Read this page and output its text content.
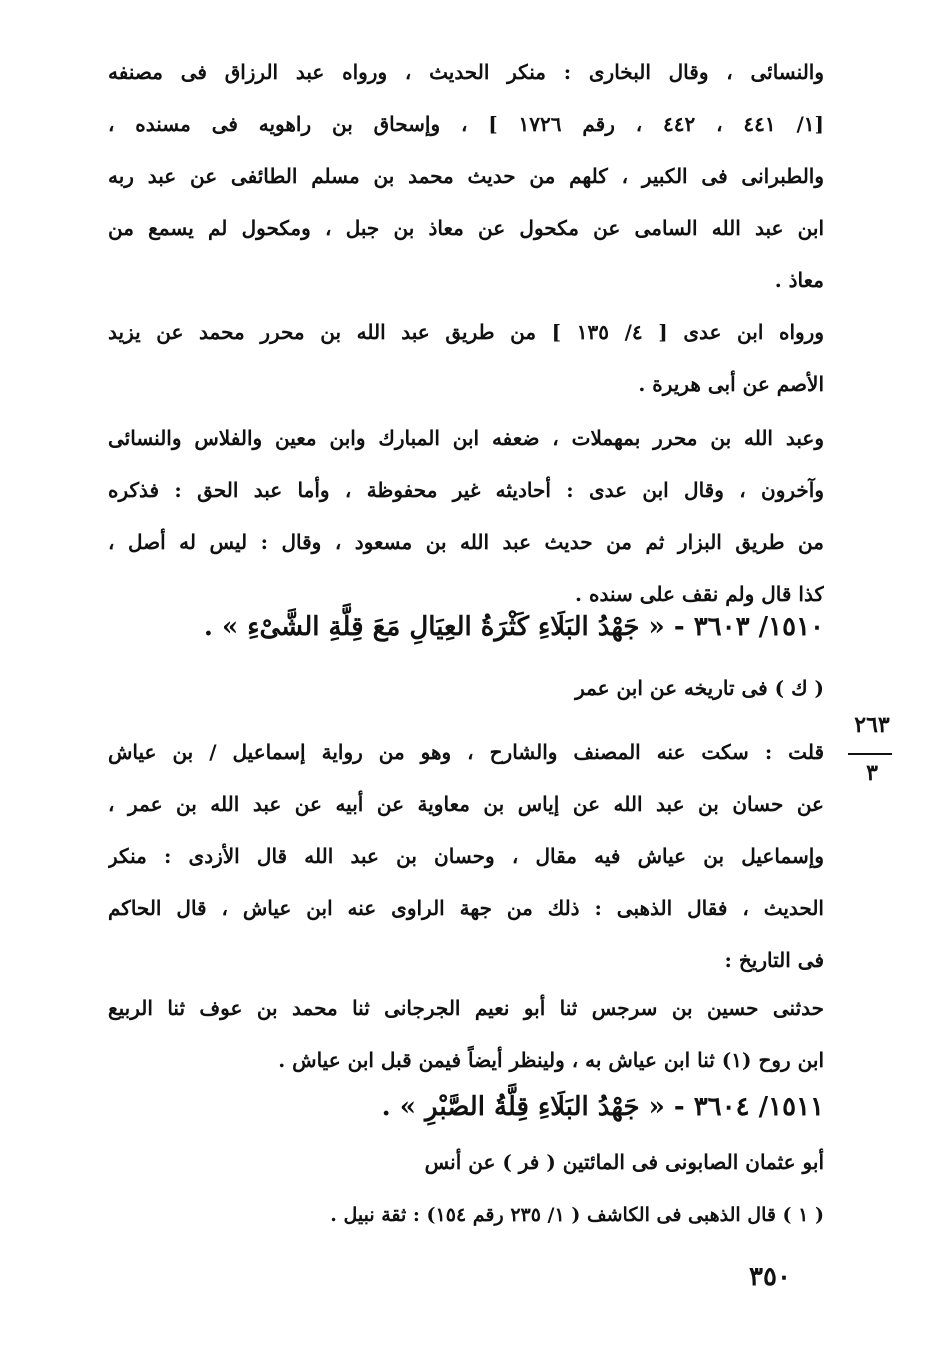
والنسائى ، وقال البخارى : منكر الحديث ، ورواه عبد الرزاق فى مصنفه
[١/ ٤٤١ ، ٤٤٢ ، رقم ١٧٢٦ ] ، وإسحاق بن راهويه فى مسنده ،
والطبرانى فى الكبير ، كلهم من حديث محمد بن مسلم الطائفى عن عبد ربه
ابن عبد الله السامى عن مكحول عن معاذ بن جبل ، ومكحول لم يسمع من
معاذ .
ورواه ابن عدى [ ٤/ ١٣٥ ] من طريق عبد الله بن محرر محمد عن يزيد
الأصم عن أبى هريرة .
وعبد الله بن محرر بمهملات ، ضعفه ابن المبارك وابن معين والفلاس والنسائى
وآخرون ، وقال ابن عدى : أحاديثه غير محفوظة ، وأما عبد الحق : فذكره
من طريق البزار ثم من حديث عبد الله بن مسعود ، وقال : ليس له أصل ،
كذا قال ولم نقف على سنده .
١٥١٠/ ٣٦٠٣ - « جَهْدُ البَلَاءِ كَثْرَةُ العِيَالِ مَعَ قِلَّةِ الشَّىْءِ » .
( ك ) فى تاريخه عن ابن عمر
٢٦٣
٣
قلت : سكت عنه المصنف والشارح ، وهو من رواية إسماعيل / بن عياش
عن حسان بن عبد الله عن إياس بن معاوية عن أبيه عن عبد الله بن عمر ،
وإسماعيل بن عياش فيه مقال ، وحسان بن عبد الله قال الأزدى : منكر
الحديث ، فقال الذهبى : ذلك من جهة الراوى عنه ابن عياش ، قال الحاكم
فى التاريخ :
حدثنى حسين بن سرجس ثنا أبو نعيم الجرجانى ثنا محمد بن عوف ثنا الربيع
ابن روح (١) ثنا ابن عياش به ، ولينظر أيضاً فيمن قبل ابن عياش .
١٥١١/ ٣٦٠٤ - « جَهْدُ البَلَاءِ قِلَّةُ الصَّبْرِ » .
أبو عثمان الصابونى فى المائتين ( فر ) عن أنس
( ١ ) قال الذهبى فى الكاشف ( ١/ ٢٣٥ رقم ١٥٤) : ثقة نبيل .
٣٥٠
